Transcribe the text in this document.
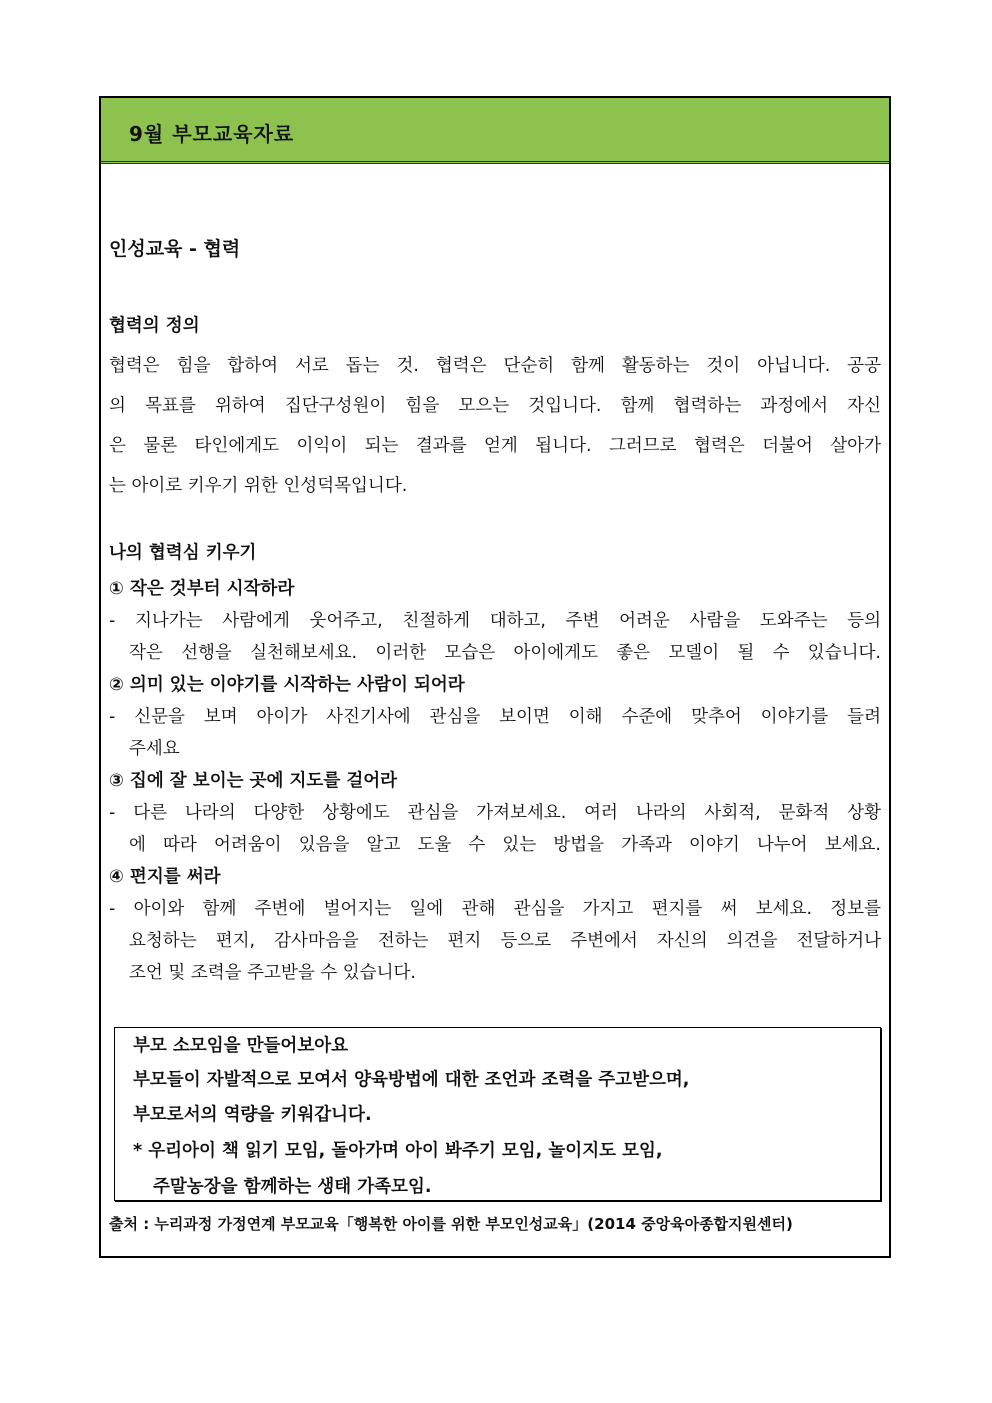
9월 부모교육자료
인성교육 - 협력
협력의 정의
협력은 힘을 합하여 서로 돕는 것. 협력은 단순히 함께 활동하는 것이 아닙니다. 공공
의 목표를 위하여 집단구성원이 힘을 모으는 것입니다. 함께 협력하는 과정에서 자신
은 물론 타인에게도 이익이 되는 결과를 얻게 됩니다. 그러므로 협력은 더불어 살아가
는 아이로 키우기 위한 인성덕목입니다.
나의 협력심 키우기
① 작은 것부터 시작하라
- 지나가는 사람에게 웃어주고, 친절하게 대하고, 주변 어려운 사람을 도와주는 등의
작은 선행을 실천해보세요. 이러한 모습은 아이에게도 좋은 모델이 될 수 있습니다.
② 의미 있는 이야기를 시작하는 사람이 되어라
- 신문을 보며 아이가 사진기사에 관심을 보이면 이해 수준에 맞추어 이야기를 들려
주세요
③ 집에 잘 보이는 곳에 지도를 걸어라
- 다른 나라의 다양한 상황에도 관심을 가져보세요. 여러 나라의 사회적, 문화적 상황
에 따라 어려움이 있음을 알고 도울 수 있는 방법을 가족과 이야기 나누어 보세요.
④ 편지를 써라
- 아이와 함께 주변에 벌어지는 일에 관해 관심을 가지고 편지를 써 보세요. 정보를
요청하는 편지, 감사마음을 전하는 편지 등으로 주변에서 자신의 의견을 전달하거나
조언 및 조력을 주고받을 수 있습니다.
부모 소모임을 만들어보아요
부모들이 자발적으로 모여서 양육방법에 대한 조언과 조력을 주고받으며,
부모로서의 역량을 키워갑니다.
* 우리아이 책 읽기 모임, 돌아가며 아이 봐주기 모임, 놀이지도 모임,
주말농장을 함께하는 생태 가족모임.
출처 : 누리과정 가정연계 부모교육「행복한 아이를 위한 부모인성교육」(2014 중앙육아종합지원센터)
